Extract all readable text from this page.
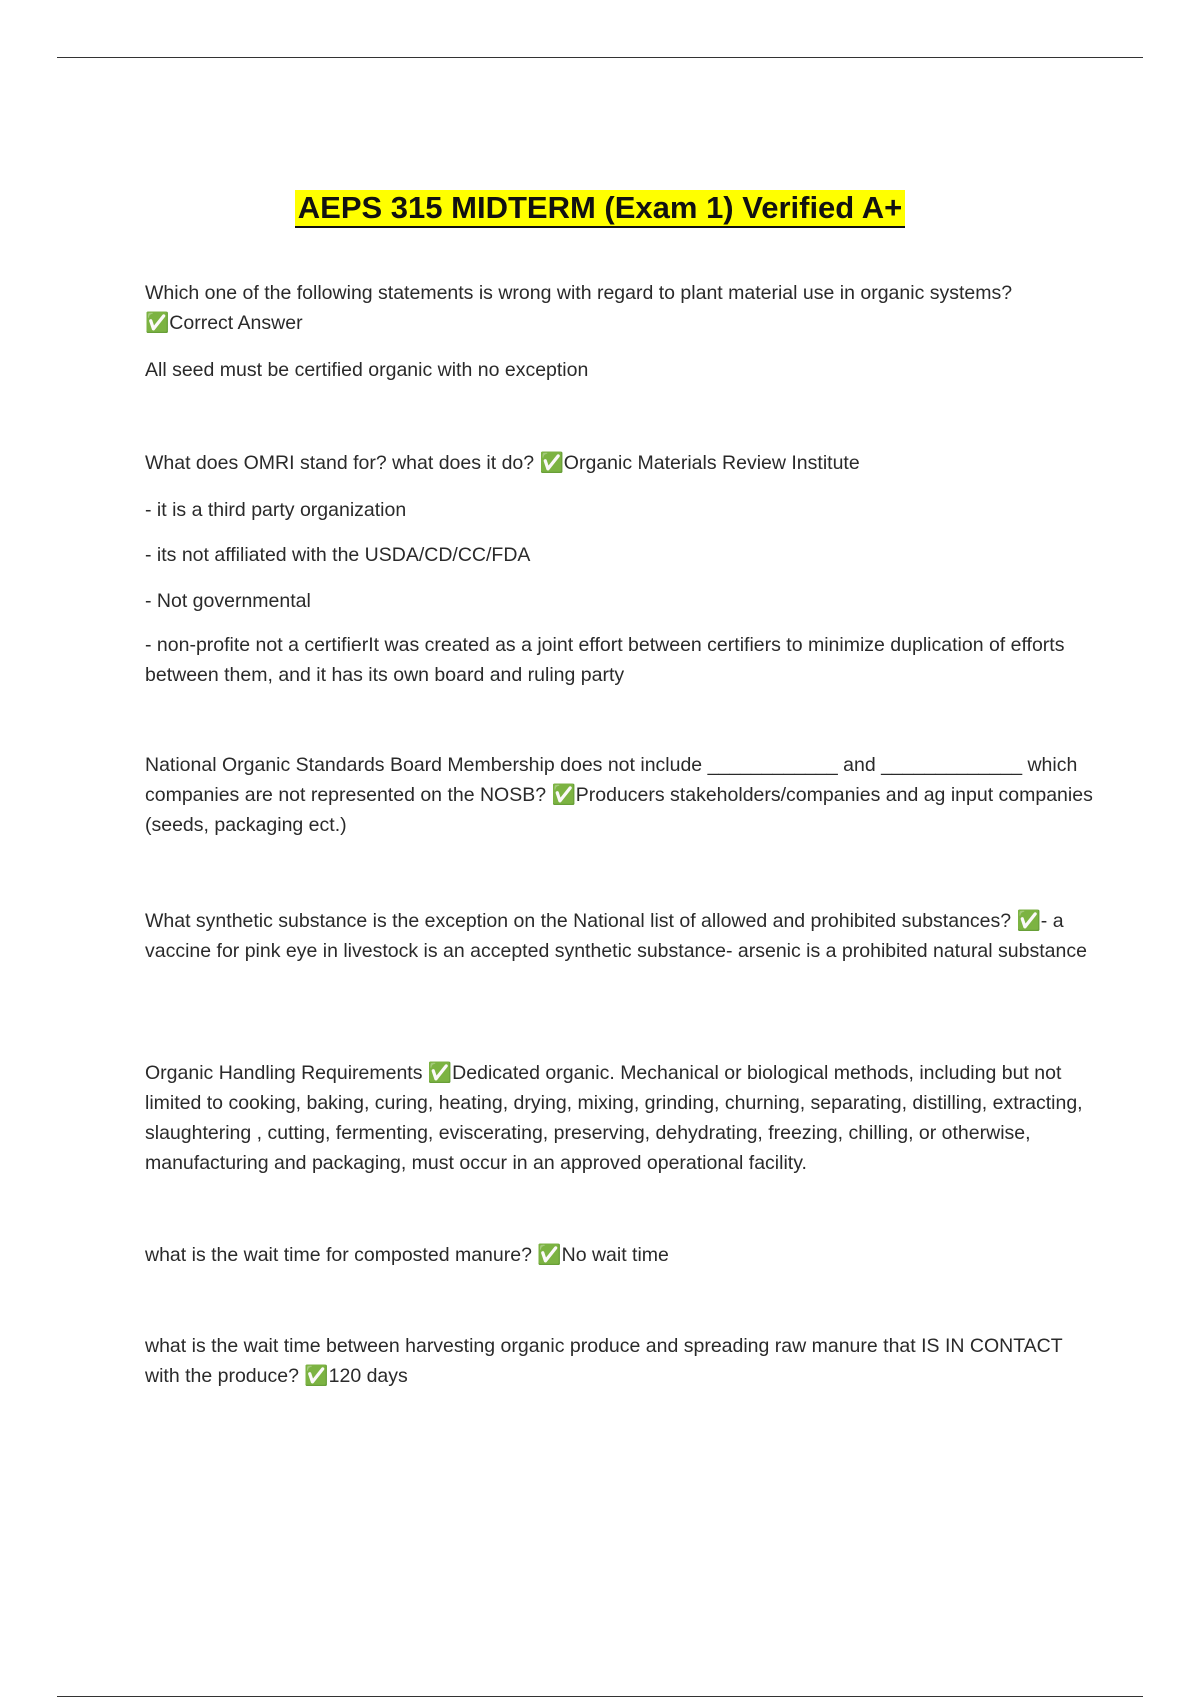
AEPS 315 MIDTERM (Exam 1) Verified A+

Which one of the following statements is wrong with regard to plant material use in organic systems? ✅Correct Answer

All seed must be certified organic with no exception

What does OMRI stand for? what does it do? ✅Organic Materials Review Institute

- it is a third party organization

- its not affiliated with the USDA/CD/CC/FDA

- Not governmental

- non-profite not a certifierIt was created as a joint effort between certifiers to minimize duplication of efforts between them, and it has its own board and ruling party

National Organic Standards Board Membership does not include ____________ and _____________ which companies are not represented on the NOSB? ✅Producers stakeholders/companies and ag input companies (seeds, packaging ect.)

What synthetic substance is the exception on the National list of allowed and prohibited substances? ✅- a vaccine for pink eye in livestock is an accepted synthetic substance- arsenic is a prohibited natural substance

Organic Handling Requirements ✅Dedicated organic. Mechanical or biological methods, including but not limited to cooking, baking, curing, heating, drying, mixing, grinding, churning, separating, distilling, extracting, slaughtering , cutting, fermenting, eviscerating, preserving, dehydrating, freezing, chilling, or otherwise, manufacturing and packaging, must occur in an approved operational facility.

what is the wait time for composted manure? ✅No wait time

what is the wait time between harvesting organic produce and spreading raw manure that IS IN CONTACT with the produce? ✅120 days
